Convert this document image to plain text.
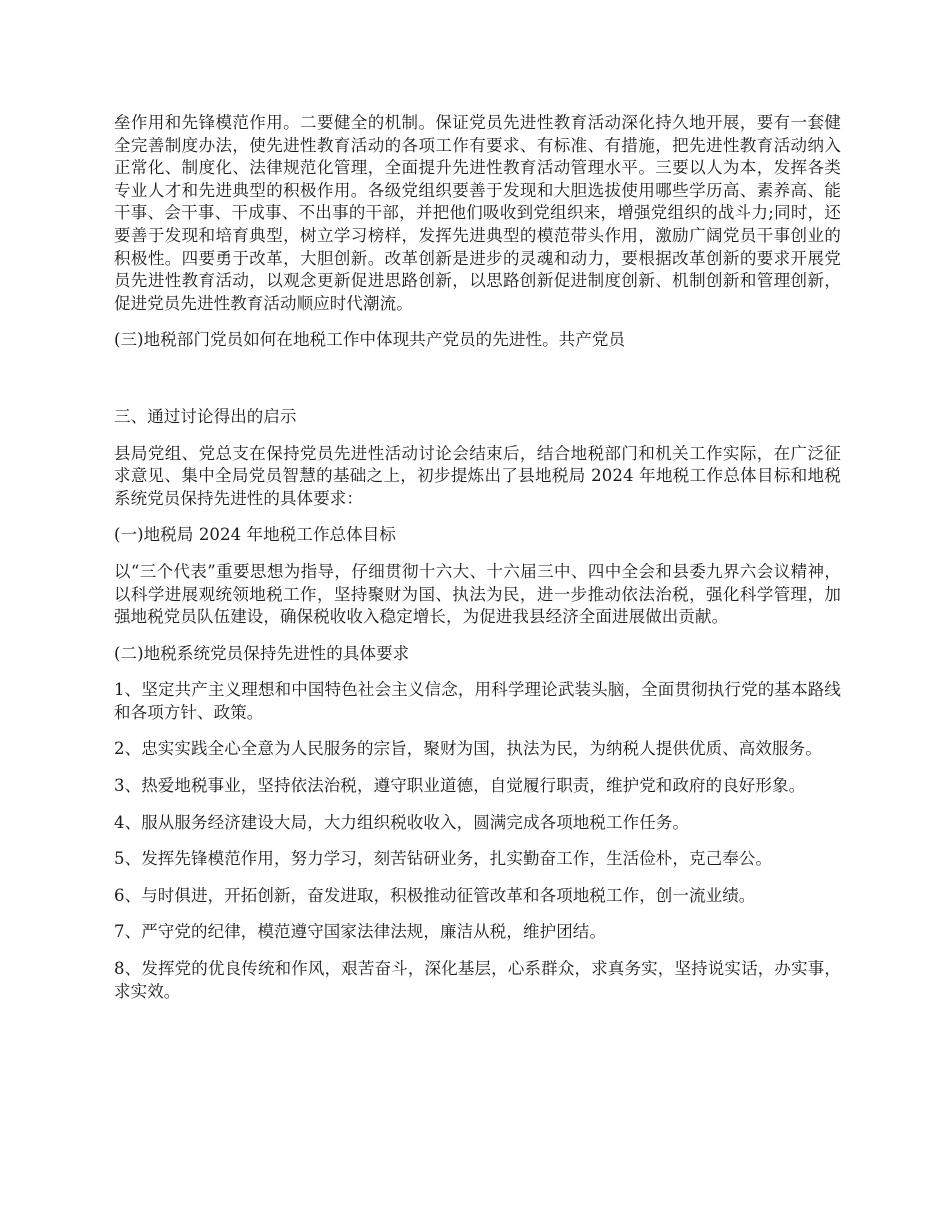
垒作用和先锋模范作用。二要健全的机制。保证党员先进性教育活动深化持久地开展，要有一套健全完善制度办法，使先进性教育活动的各项工作有要求、有标准、有措施，把先进性教育活动纳入正常化、制度化、法律规范化管理，全面提升先进性教育活动管理水平。三要以人为本，发挥各类专业人才和先进典型的积极作用。各级党组织要善于发现和大胆选拔使用哪些学历高、素养高、能干事、会干事、干成事、不出事的干部，并把他们吸收到党组织来，增强党组织的战斗力;同时，还要善于发现和培育典型，树立学习榜样，发挥先进典型的模范带头作用，激励广阔党员干事创业的积极性。四要勇于改革，大胆创新。改革创新是进步的灵魂和动力，要根据改革创新的要求开展党员先进性教育活动，以观念更新促进思路创新，以思路创新促进制度创新、机制创新和管理创新，促进党员先进性教育活动顺应时代潮流。

(三)地税部门党员如何在地税工作中体现共产党员的先进性。共产党员

三、通过讨论得出的启示

县局党组、党总支在保持党员先进性活动讨论会结束后，结合地税部门和机关工作实际，在广泛征求意见、集中全局党员智慧的基础之上，初步提炼出了县地税局 2024 年地税工作总体目标和地税系统党员保持先进性的具体要求：

(一)地税局 2024 年地税工作总体目标

以“三个代表”重要思想为指导，仔细贯彻十六大、十六届三中、四中全会和县委九界六会议精神，以科学进展观统领地税工作，坚持聚财为国、执法为民，进一步推动依法治税，强化科学管理，加强地税党员队伍建设，确保税收收入稳定增长，为促进我县经济全面进展做出贡献。

(二)地税系统党员保持先进性的具体要求

1、坚定共产主义理想和中国特色社会主义信念，用科学理论武装头脑，全面贯彻执行党的基本路线和各项方针、政策。

2、忠实实践全心全意为人民服务的宗旨，聚财为国，执法为民，为纳税人提供优质、高效服务。

3、热爱地税事业，坚持依法治税，遵守职业道德，自觉履行职责，维护党和政府的良好形象。

4、服从服务经济建设大局，大力组织税收收入，圆满完成各项地税工作任务。

5、发挥先锋模范作用，努力学习，刻苦钻研业务，扎实勤奋工作，生活俭朴，克己奉公。

6、与时俱进，开拓创新，奋发进取，积极推动征管改革和各项地税工作，创一流业绩。

7、严守党的纪律，模范遵守国家法律法规，廉洁从税，维护团结。

8、发挥党的优良传统和作风，艰苦奋斗，深化基层，心系群众，求真务实，坚持说实话，办实事，求实效。
